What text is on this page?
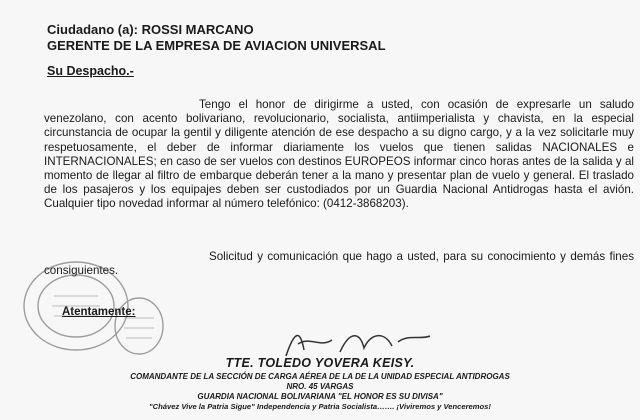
Ciudadano (a): ROSSI MARCANO
GERENTE DE LA EMPRESA DE AVIACION UNIVERSAL
Su Despacho.-

Tengo el honor de dirigirme a usted, con ocasión de expresarle un saludo venezolano, con acento bolivariano, revolucionario, socialista, antiimperialista y chavista, en la especial circunstancia de ocupar la gentil y diligente atención de ese despacho a su digno cargo, y a la vez solicitarle muy respetuosamente, el deber de informar diariamente los vuelos que tienen salidas NACIONALES e INTERNACIONALES; en caso de ser vuelos con destinos EUROPEOS informar cinco horas antes de la salida y al momento de llegar al filtro de embarque deberán tener a la mano y presentar plan de vuelo y general. El traslado de los pasajeros y los equipajes deben ser custodiados por un Guardia Nacional Antidrogas hasta el avión. Cualquier tipo novedad informar al número telefónico: (0412-3868203).

Solicitud y comunicación que hago a usted, para su conocimiento y demás fines consiguientes.

Atentamente:
TTE. TOLEDO YOVERA KEISY.
COMANDANTE DE LA SECCIÓN DE CARGA AÉREA DE LA DE LA UNIDAD ESPECIAL ANTIDROGAS
NRO. 45 VARGAS
GUARDIA NACIONAL BOLIVARIANA "EL HONOR ES SU DIVISA"
"Chávez Vive la Patria Sigue" Independencia y Patria Socialista……. ¡Viviremos y Venceremos!
